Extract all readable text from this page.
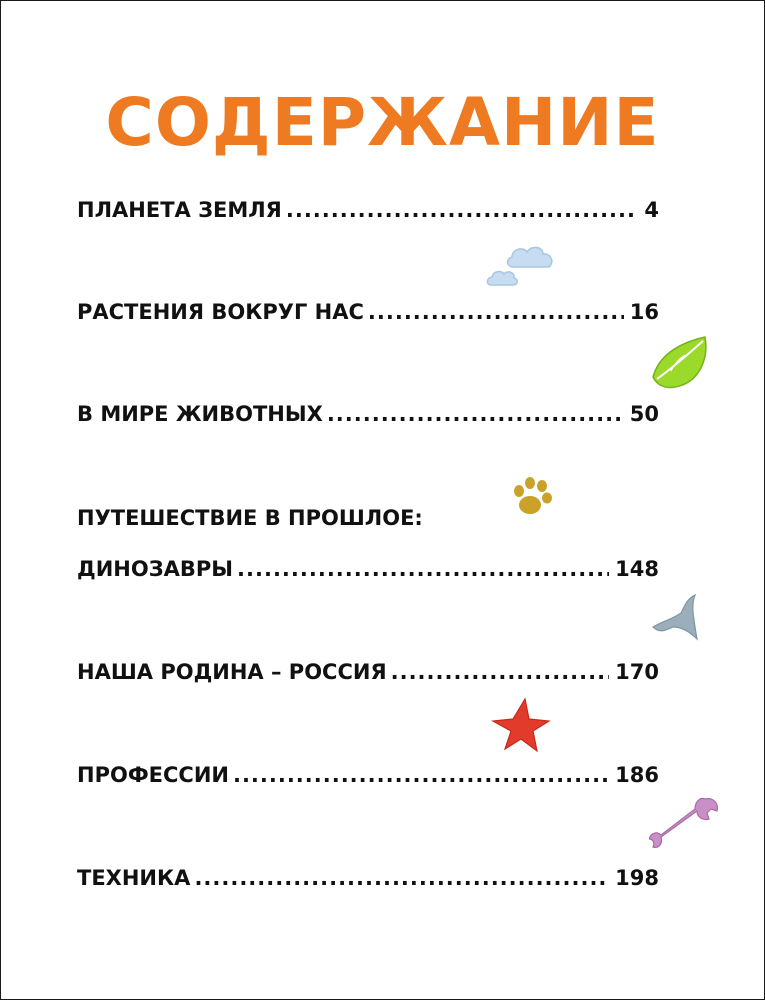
СОДЕРЖАНИЕ
ПЛАНЕТА ЗЕМЛЯ .....	4
РАСТЕНИЯ ВОКРУГ НАС .....	16
В МИРЕ ЖИВОТНЫХ .....	50
ПУТЕШЕСТВИЕ В ПРОШЛОЕ:
ДИНОЗАВРЫ .....	148
НАША РОДИНА – РОССИЯ .....	170
ПРОФЕССИИ .....	186
ТЕХНИКА .....	198
